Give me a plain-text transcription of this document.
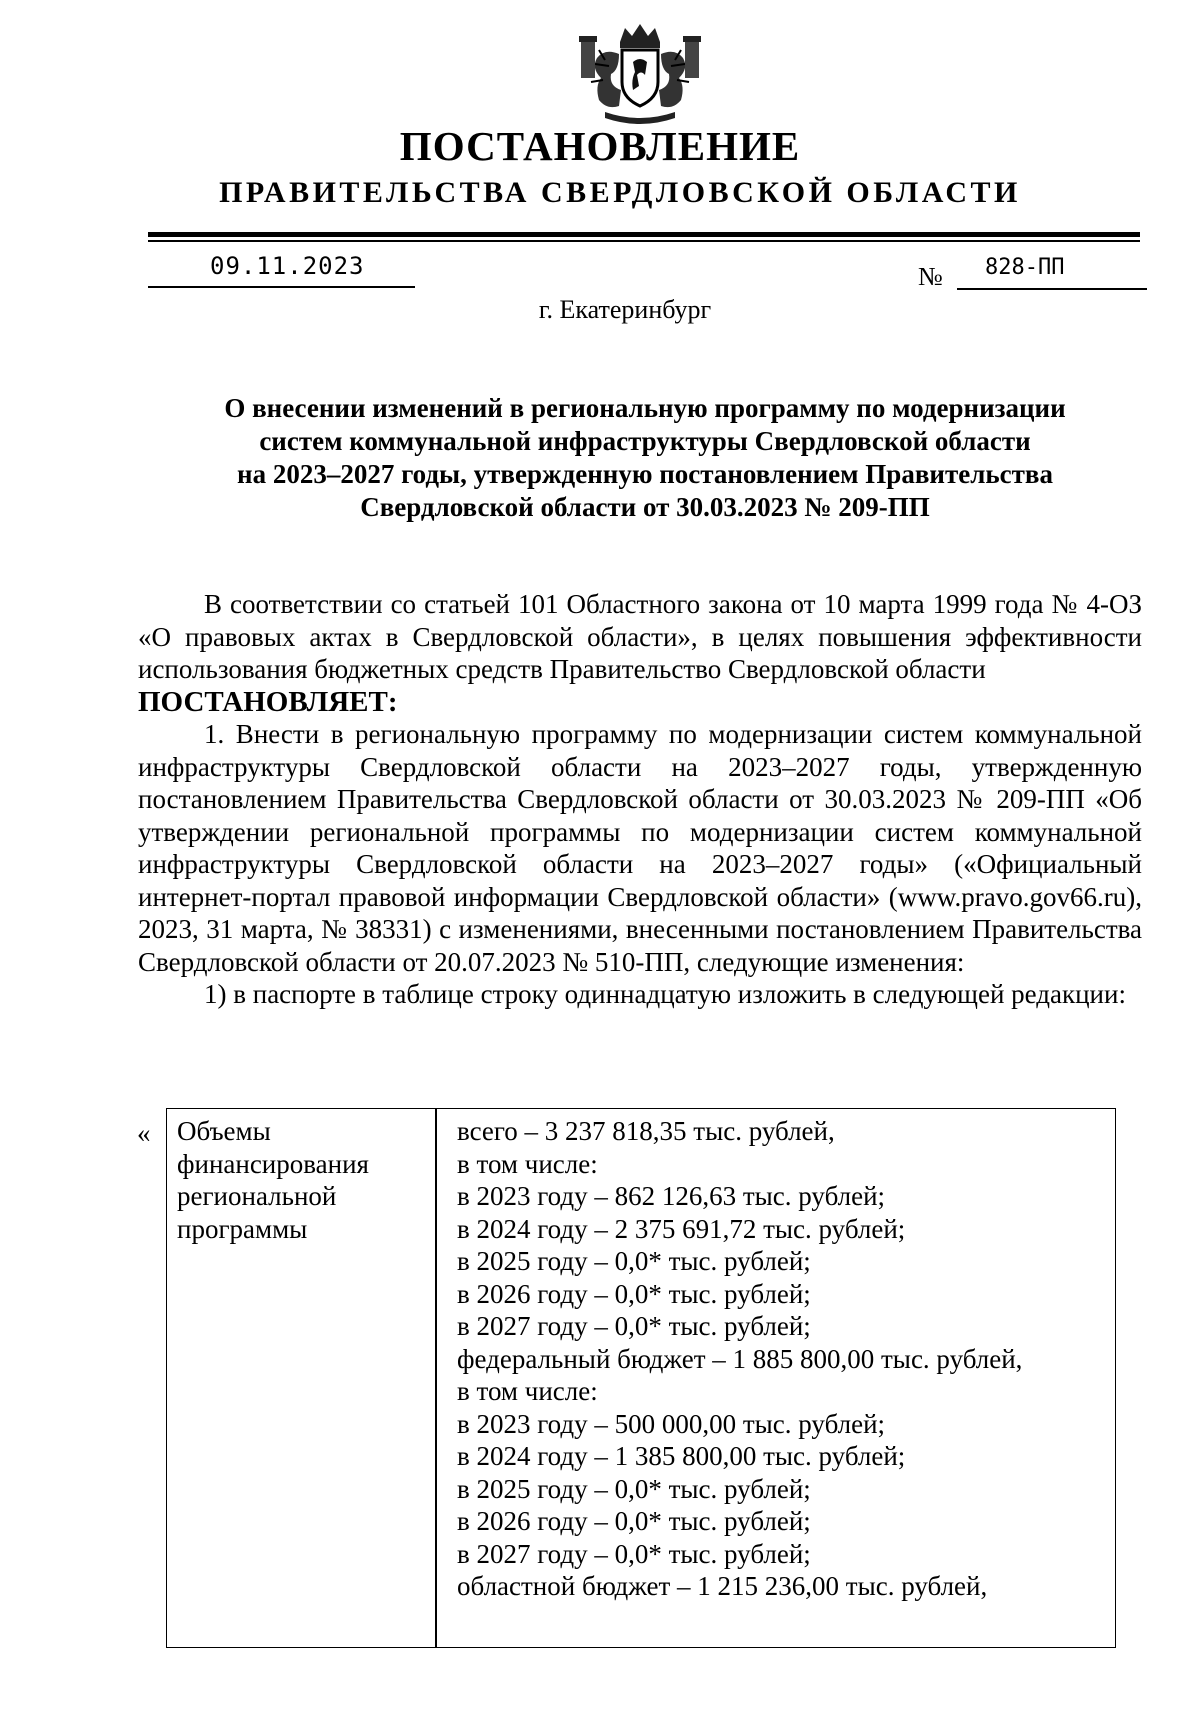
ПОСТАНОВЛЕНИЕ
ПРАВИТЕЛЬСТВА СВЕРДЛОВСКОЙ ОБЛАСТИ
09.11.2023	№ 828-ПП
г. Екатеринбург
О внесении изменений в региональную программу по модернизации
систем коммунальной инфраструктуры Свердловской области
на 2023–2027 годы, утвержденную постановлением Правительства
Свердловской области от 30.03.2023 № 209-ПП

В соответствии со статьей 101 Областного закона от 10 марта 1999 года № 4-ОЗ «О правовых актах в Свердловской области», в целях повышения эффективности использования бюджетных средств Правительство Свердловской области

ПОСТАНОВЛЯЕТ:

1. Внести в региональную программу по модернизации систем коммунальной инфраструктуры Свердловской области на 2023–2027 годы, утвержденную постановлением Правительства Свердловской области от 30.03.2023 № 209-ПП «Об утверждении региональной программы по модернизации систем коммунальной инфраструктуры Свердловской области на 2023–2027 годы» («Официальный интернет-портал правовой информации Свердловской области» (www.pravo.gov66.ru), 2023, 31 марта, № 38331) с изменениями, внесенными постановлением Правительства Свердловской области от 20.07.2023 № 510-ПП, следующие изменения:

1) в паспорте в таблице строку одиннадцатую изложить в следующей редакции:

« Объемы
финансирования
региональной
программы
всего – 3 237 818,35 тыс. рублей,
в том числе:
в 2023 году – 862 126,63 тыс. рублей;
в 2024 году – 2 375 691,72 тыс. рублей;
в 2025 году – 0,0* тыс. рублей;
в 2026 году – 0,0* тыс. рублей;
в 2027 году – 0,0* тыс. рублей;
федеральный бюджет – 1 885 800,00 тыс. рублей,
в том числе:
в 2023 году – 500 000,00 тыс. рублей;
в 2024 году – 1 385 800,00 тыс. рублей;
в 2025 году – 0,0* тыс. рублей;
в 2026 году – 0,0* тыс. рублей;
в 2027 году – 0,0* тыс. рублей;
областной бюджет – 1 215 236,00 тыс. рублей,
